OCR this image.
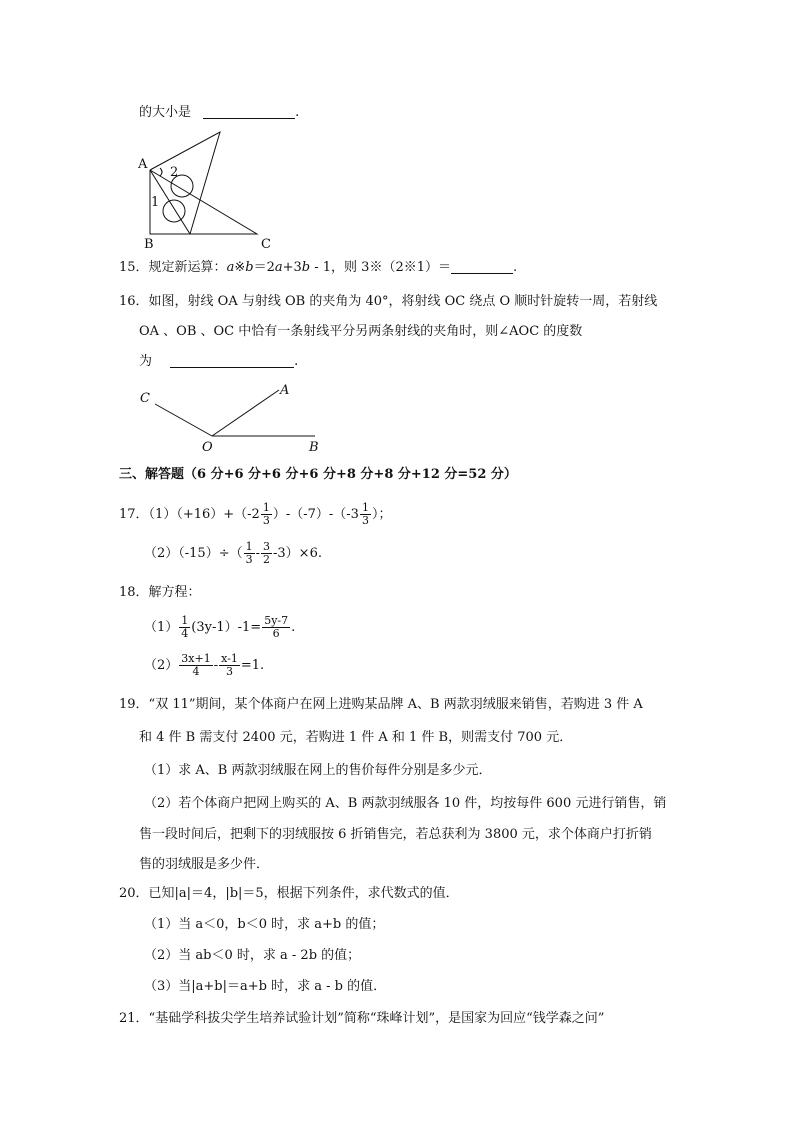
的大小是	.
A
2
1
B	C
15．规定新运算：a※b＝2a+3b - 1，则 3※（2※1）＝	.
16．如图，射线 OA 与射线 OB 的夹角为 40°，将射线 OC 绕点 O 顺时针旋转一周，若射线
OA 、OB 、OC 中恰有一条射线平分另两条射线的夹角时，则∠AOC 的度数
为	.
C
A
O	B
三、解答题（6 分+6 分+6 分+6 分+8 分+8 分+12 分=52 分）
17．$(1)(+16)+(-2 \frac{1}{3} )-(-7)-(-3 \frac{1}{3}$ ）；
$(2)(-15)\div( \frac{1}{3} - \frac{3}{2} -3)\times 6$.
18．解方程：
$(1) \frac{1}{4} (3y-1)-1= \frac{5y-7}{6}$ .
$(2) \frac{3x+1}{4} - \frac{x-1}{3} =1$.
19．“双 11”期间，某个体商户在网上进购某品牌 A、B 两款羽绒服来销售，若购进 3 件 A
和 4 件 B 需支付 2400 元，若购进 1 件 A 和 1 件 B，则需支付 700 元．
（1）求 A、B 两款羽绒服在网上的售价每件分别是多少元．
（2）若个体商户把网上购买的 A、B 两款羽绒服各 10 件，均按每件 600 元进行销售，销
售一段时间后，把剩下的羽绒服按 6 折销售完，若总获利为 3800 元，求个体商户打折销
售的羽绒服是多少件．
20．已知|a|＝4，|b|＝5，根据下列条件，求代数式的值．
（1）当 a＜0，b＜0 时，求 a+b 的值；
（2）当 ab＜0 时，求 a - 2b 的值；
（3）当|a+b|＝a+b 时，求 a - b 的值．
21．“基础学科拔尖学生培养试验计划”简称“珠峰计划”，是国家为回应“钱学森之问”
